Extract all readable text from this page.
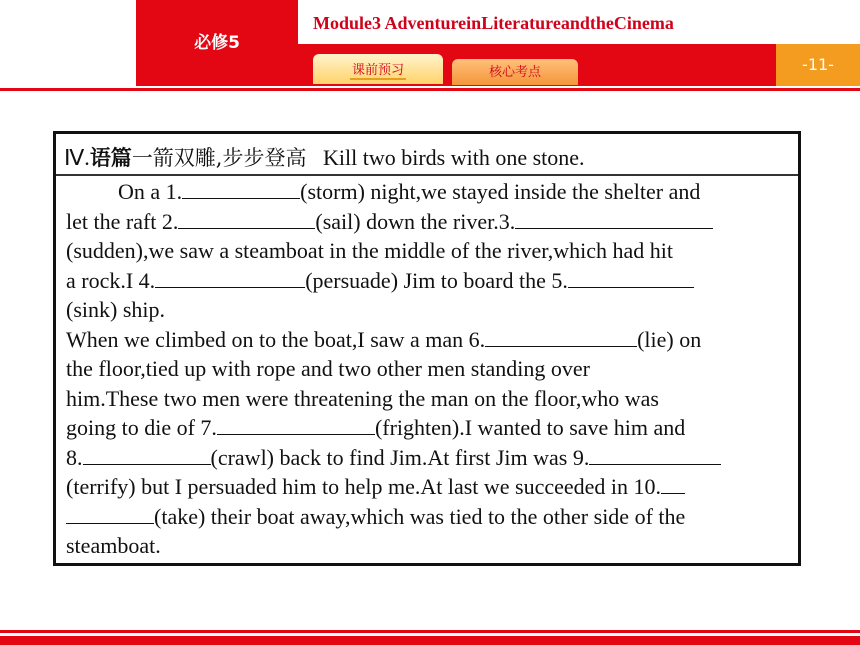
必修5
Module3 AdventureinLiteratureandtheCinema
课前预习	核心考点	-11-
Ⅳ.语篇一箭双雕,步步登高 Kill two birds with one stone.
On a 1.	(storm) night,we stayed inside the shelter and
let the raft 2.	(sail) down the river.3.
(sudden),we saw a steamboat in the middle of the river,which had hit
a rock.I 4.	(persuade) Jim to board the 5.
(sink) ship.
When we climbed on to the boat,I saw a man 6.	(lie) on
the floor,tied up with rope and two other men standing over
him.These two men were threatening the man on the floor,who was
going to die of 7.	(frighten).I wanted to save him and
8.	(crawl) back to find Jim.At first Jim was 9.
(terrify) but I persuaded him to help me.At last we succeeded in 10.
(take) their boat away,which was tied to the other side of the
steamboat.
